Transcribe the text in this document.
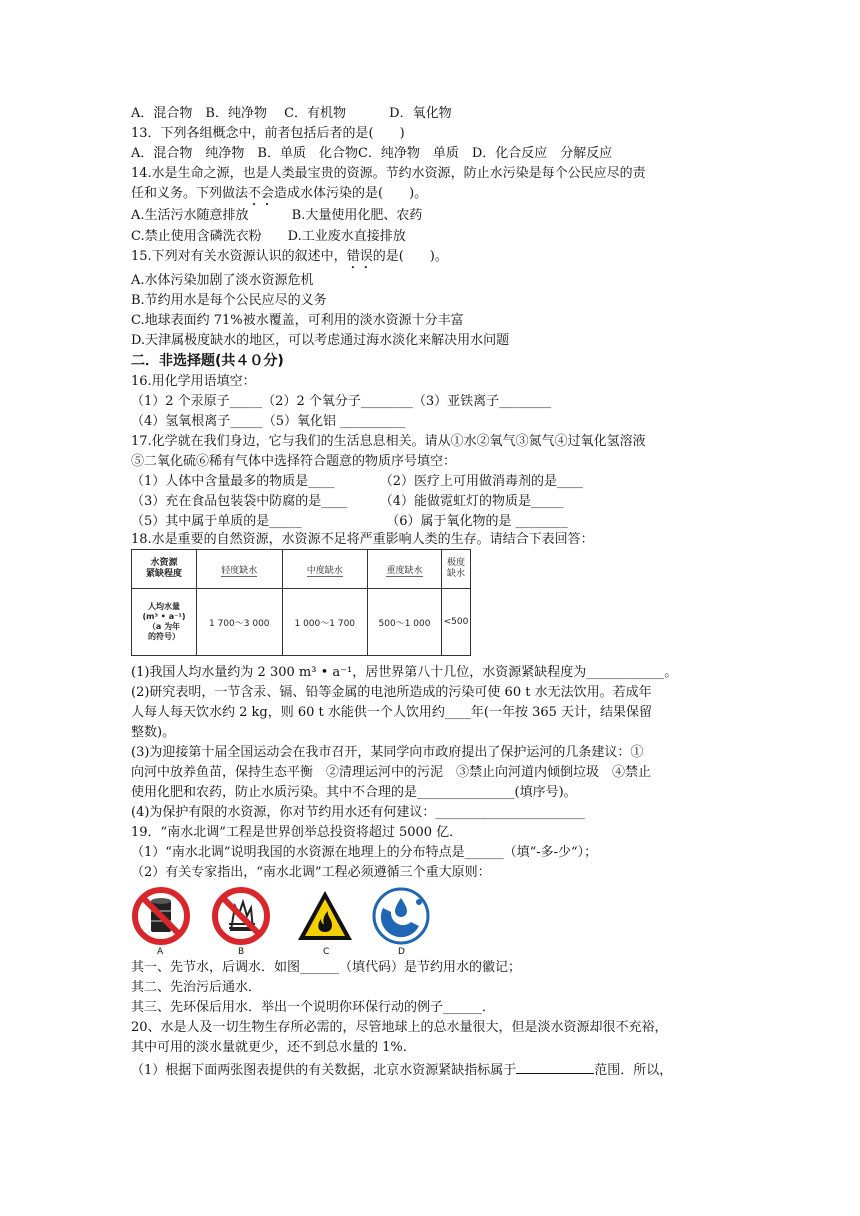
A．混合物　B．纯净物　 C．有机物　　　 D．氧化物
13．下列各组概念中，前者包括后者的是(　　)
A．混合物　纯净物　B．单质　化合物C．纯净物　单质　D．化合反应　分解反应
14.水是生命之源，也是人类最宝贵的资源。节约水资源，防止水污染是每个公民应尽的责
任和义务。下列做法不会造成水体污染的是(　　)。
A.生活污水随意排放　　　 B.大量使用化肥、农药
C.禁止使用含磷洗衣粉　　D.工业废水直接排放
15.下列对有关水资源认识的叙述中，错误的是(　　)。
A.水体污染加剧了淡水资源危机
B.节约用水是每个公民应尽的义务
C.地球表面约 71%被水覆盖，可利用的淡水资源十分丰富
D.天津属极度缺水的地区，可以考虑通过海水淡化来解决用水问题
二．非选择题(共４０分)
16.用化学用语填空：
（1）2 个汞原子_____（2）2 个氧分子________（3）亚铁离子________
（4）氢氧根离子_____（5）氧化铝 __________
17.化学就在我们身边，它与我们的生活息息相关。请从①水②氧气③氮气④过氧化氢溶液
⑤二氧化硫⑥稀有气体中选择符合题意的物质序号填空：
（1）人体中含量最多的物质是____　　　　（2）医疗上可用做消毒剂的是____
（3）充在食品包装袋中防腐的是____　　　（4）能做霓虹灯的物质是_____
（5）其中属于单质的是_____　　　　　　　（6）属于氧化物的是 ________
18.水是重要的自然资源，水资源不足将严重影响人类的生存。请结合下表回答：
水资源
紧缺程度	轻度缺水	中度缺水	重度缺水	极度
缺水
人均水量
(m³ • a⁻¹)
（a 为年
的符号）	1 700～3 000	1 000～1 700	500～1 000	<500
(1)我国人均水量约为 2 300 m³ • a⁻¹，居世界第八十几位，水资源紧缺程度为____________。
(2)研究表明，一节含汞、镉、铅等金属的电池所造成的污染可使 60 t 水无法饮用。若成年
人每人每天饮水约 2 kg，则 60 t 水能供一个人饮用约____年(一年按 365 天计，结果保留
整数)。
(3)为迎接第十届全国运动会在我市召开，某同学向市政府提出了保护运河的几条建议：①
向河中放养鱼苗，保持生态平衡　②清理运河中的污泥　③禁止向河道内倾倒垃圾　④禁止
使用化肥和农药，防止水质污染。其中不合理的是_______________(填序号)。
(4)为保护有限的水资源，你对节约用水还有何建议：_______________________
19．“南水北调”工程是世界创举总投资将超过 5000 亿．
（1）“南水北调”说明我国的水资源在地理上的分布特点是______（填“-多-少“）；
（2）有关专家指出，“南水北调”工程必须遵循三个重大原则：
A	B	C	D
其一、先节水，后调水．如图______（填代码）是节约用水的徽记；
其二、先治污后通水．
其三、先环保后用水．举出一个说明你环保行动的例子______．
20、水是人及一切生物生存所必需的，尽管地球上的总水量很大，但是淡水资源却很不充裕，
其中可用的淡水量就更少，还不到总水量的 1%.
（1）根据下面两张图表提供的有关数据，北京水资源紧缺指标属于	范围．所以，
